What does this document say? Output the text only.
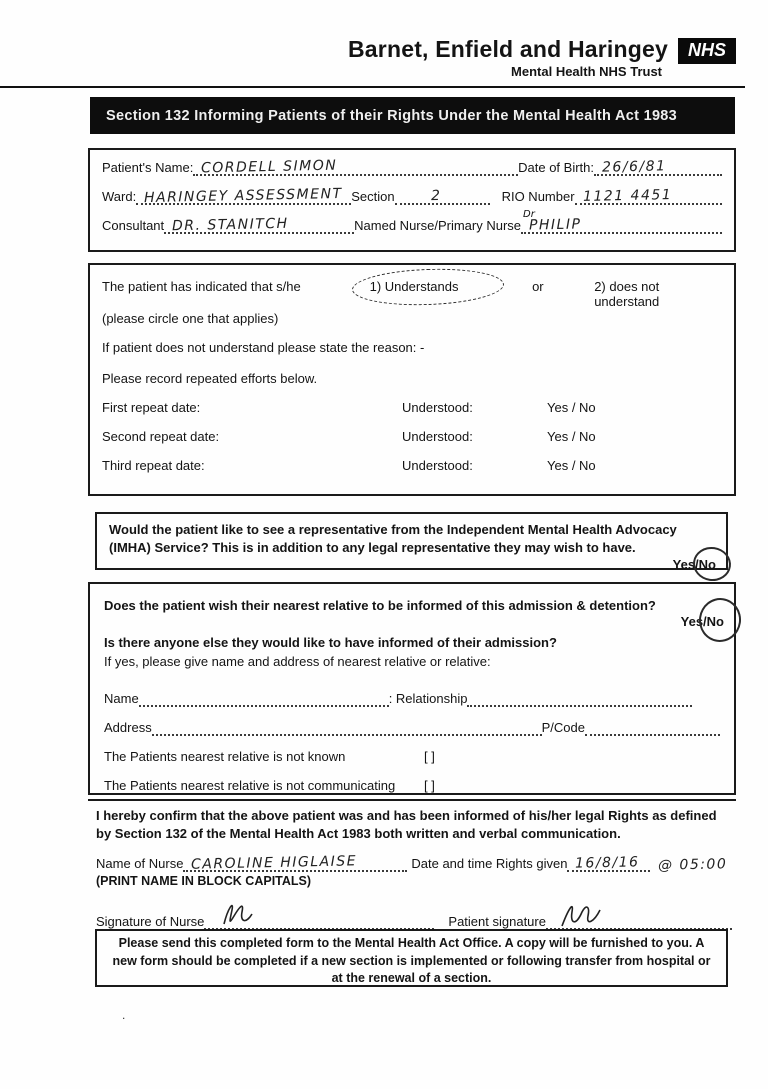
Barnet, Enfield and Haringey NHS
Mental Health NHS Trust
Section 132 Informing Patients of their Rights Under the Mental Health Act 1983
Patient's Name: CORDELL SIMON	Date of Birth: 26/6/81
Ward: HARINGEY ASSESSMENT Section	2	RIO Number 1121 4451
Consultant DR. STANITCH	Named Nurse/Primary Nurse
Dr
PHILIP
The patient has indicated that s/he	1) Understands	or	2) does not understand
(please circle one that applies)
If patient does not understand please state the reason: -
Please record repeated efforts below.
First repeat date:	Understood:	Yes / No
Second repeat date:	Understood:	Yes / No
Third repeat date:	Understood:	Yes / No
Would the patient like to see a representative from the Independent Mental Health Advocacy (IMHA) Service? This is in addition to any legal representative they may wish to have.
Yes/No
Does the patient wish their nearest relative to be informed of this admission & detention?
Yes/No
Is there anyone else they would like to have informed of their admission?
If yes, please give name and address of nearest relative or relative:
Name	: Relationship
Address	P/Code
The Patients nearest relative is not known	[ ]
The Patients nearest relative is not communicating	[ ]
I hereby confirm that the above patient was and has been informed of his/her legal Rights as defined by Section 132 of the Mental Health Act 1983 both written and verbal communication.
Name of Nurse CAROLINE HIGLAISE	Date and time Rights given 16/8/16 @ 05:00
(PRINT NAME IN BLOCK CAPITALS)
Signature of Nurse	Patient signature
Please send this completed form to the Mental Health Act Office. A copy will be furnished to you. A new form should be completed if a new section is implemented or following transfer from hospital or at the renewal of a section.
.
